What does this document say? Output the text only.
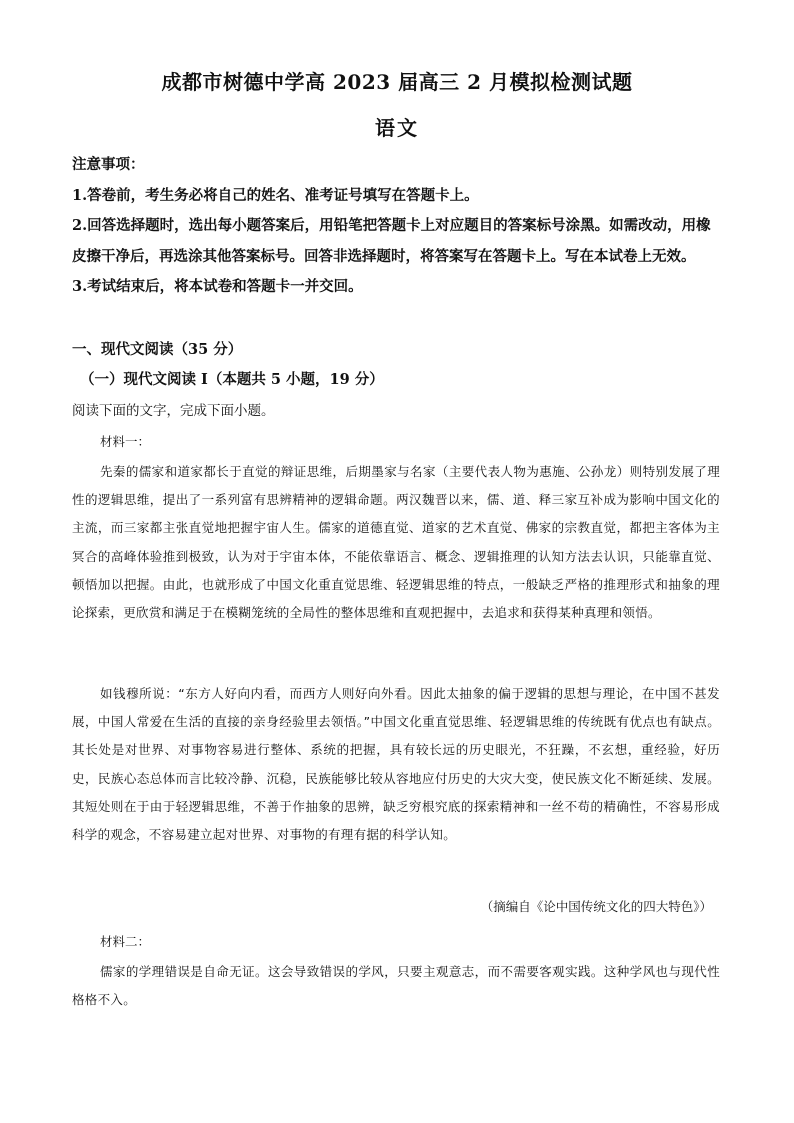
成都市树德中学高 2023 届高三 2 月模拟检测试题
语文

注意事项：

1.答卷前，考生务必将自己的姓名、准考证号填写在答题卡上。

2.回答选择题时，选出每小题答案后，用铅笔把答题卡上对应题目的答案标号涂黑。如需改动，用橡皮擦干净后，再选涂其他答案标号。回答非选择题时，将答案写在答题卡上。写在本试卷上无效。

3.考试结束后，将本试卷和答题卡一并交回。

一、现代文阅读（35 分）
（一）现代文阅读 I（本题共 5 小题，19 分）
阅读下面的文字，完成下面小题。
材料一：

先秦的儒家和道家都长于直觉的辩证思维，后期墨家与名家（主要代表人物为惠施、公孙龙）则特别发展了理性的逻辑思维，提出了一系列富有思辨精神的逻辑命题。两汉魏晋以来，儒、道、释三家互补成为影响中国文化的主流，而三家都主张直觉地把握宇宙人生。儒家的道德直觉、道家的艺术直觉、佛家的宗教直觉，都把主客体为主冥合的高峰体验推到极致，认为对于宇宙本体，不能依靠语言、概念、逻辑推理的认知方法去认识，只能靠直觉、顿悟加以把握。由此，也就形成了中国文化重直觉思维、轻逻辑思维的特点，一般缺乏严格的推理形式和抽象的理论探索，更欣赏和满足于在模糊笼统的全局性的整体思维和直观把握中，去追求和获得某种真理和领悟。

如钱穆所说：“东方人好向内看，而西方人则好向外看。因此太抽象的偏于逻辑的思想与理论，在中国不甚发展，中国人常爱在生活的直接的亲身经验里去领悟。”中国文化重直觉思维、轻逻辑思维的传统既有优点也有缺点。其长处是对世界、对事物容易进行整体、系统的把握，具有较长远的历史眼光，不狂躁，不玄想，重经验，好历史，民族心态总体而言比较冷静、沉稳，民族能够比较从容地应付历史的大灾大变，使民族文化不断延续、发展。其短处则在于由于轻逻辑思维，不善于作抽象的思辨，缺乏穷根究底的探索精神和一丝不苟的精确性，不容易形成科学的观念，不容易建立起对世界、对事物的有理有据的科学认知。

（摘编自《论中国传统文化的四大特色》）
材料二：

儒家的学理错误是自命无证。这会导致错误的学风，只要主观意志，而不需要客观实践。这种学风也与现代性格格不入。
